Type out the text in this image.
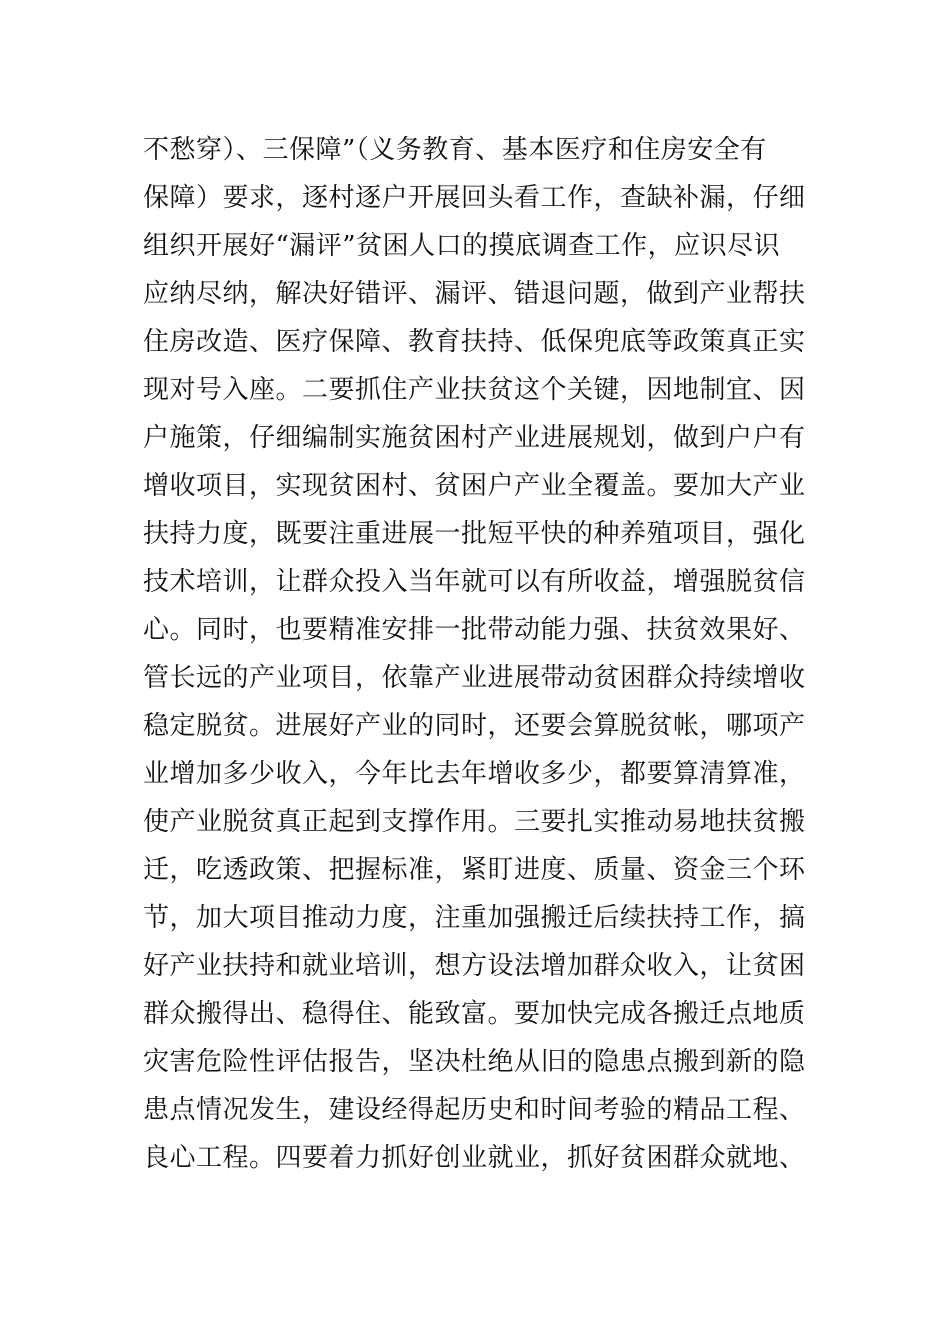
不愁穿）、三保障”（义务教育、基本医疗和住房安全有
保障）要求，逐村逐户开展回头看工作，查缺补漏，仔细
组织开展好“漏评”贫困人口的摸底调查工作，应识尽识
应纳尽纳，解决好错评、漏评、错退问题，做到产业帮扶
住房改造、医疗保障、教育扶持、低保兜底等政策真正实
现对号入座。二要抓住产业扶贫这个关键，因地制宜、因
户施策，仔细编制实施贫困村产业进展规划，做到户户有
增收项目，实现贫困村、贫困户产业全覆盖。要加大产业
扶持力度，既要注重进展一批短平快的种养殖项目，强化
技术培训，让群众投入当年就可以有所收益，增强脱贫信
心。同时，也要精准安排一批带动能力强、扶贫效果好、
管长远的产业项目，依靠产业进展带动贫困群众持续增收
稳定脱贫。进展好产业的同时，还要会算脱贫帐，哪项产
业增加多少收入，今年比去年增收多少，都要算清算准，
使产业脱贫真正起到支撑作用。三要扎实推动易地扶贫搬
迁，吃透政策、把握标准，紧盯进度、质量、资金三个环
节，加大项目推动力度，注重加强搬迁后续扶持工作，搞
好产业扶持和就业培训，想方设法增加群众收入，让贫困
群众搬得出、稳得住、能致富。要加快完成各搬迁点地质
灾害危险性评估报告，坚决杜绝从旧的隐患点搬到新的隐
患点情况发生，建设经得起历史和时间考验的精品工程、
良心工程。四要着力抓好创业就业，抓好贫困群众就地、
